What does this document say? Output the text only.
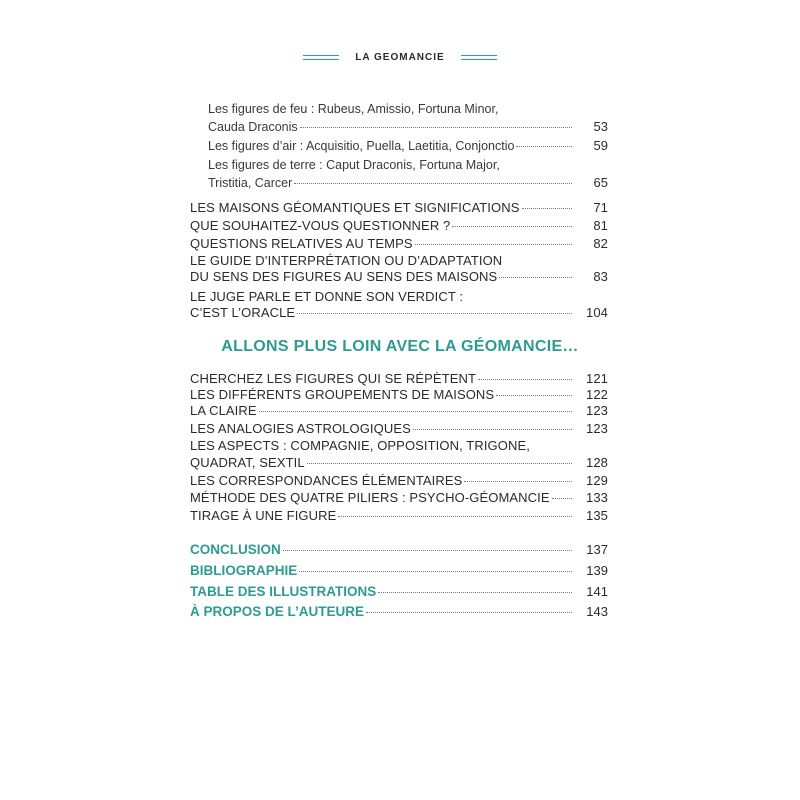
LA GEOMANCIE
Les figures de feu : Rubeus, Amissio, Fortuna Minor,
Cauda Draconis	53
Les figures d’air : Acquisitio, Puella, Laetitia, Conjonctio	59
Les figures de terre : Caput Draconis, Fortuna Major,
Tristitia, Carcer	65
LES MAISONS GÉOMANTIQUES ET SIGNIFICATIONS	71
QUE SOUHAITEZ-VOUS QUESTIONNER ?	81
QUESTIONS RELATIVES AU TEMPS	82
LE GUIDE D’INTERPRÉTATION OU D’ADAPTATION
DU SENS DES FIGURES AU SENS DES MAISONS	83
LE JUGE PARLE ET DONNE SON VERDICT :
C’EST L’ORACLE	104
ALLONS PLUS LOIN AVEC LA GÉOMANCIE…
CHERCHEZ LES FIGURES QUI SE RÉPÈTENT	121
LES DIFFÉRENTS GROUPEMENTS DE MAISONS	122
LA CLAIRE	123
LES ANALOGIES ASTROLOGIQUES	123
LES ASPECTS : COMPAGNIE, OPPOSITION, TRIGONE,
QUADRAT, SEXTIL	128
LES CORRESPONDANCES ÉLÉMENTAIRES	129
MÉTHODE DES QUATRE PILIERS : PSYCHO-GÉOMANCIE	133
TIRAGE À UNE FIGURE	135
CONCLUSION	137
BIBLIOGRAPHIE	139
TABLE DES ILLUSTRATIONS	141
À PROPOS DE L’AUTEURE	143
